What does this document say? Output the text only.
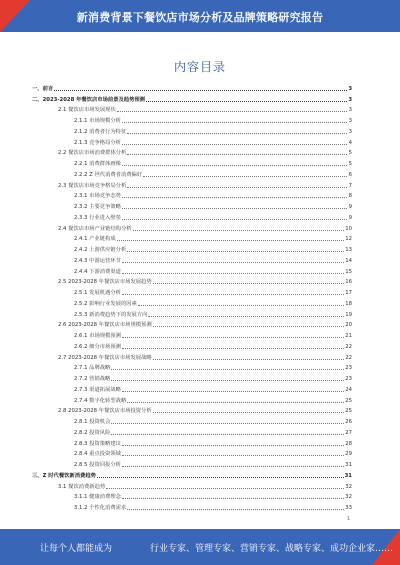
新消费背景下餐饮店市场分析及品牌策略研究报告
内容目录
一、前言	3
二、2023-2028 年餐饮店市场前景及趋势预测	3
2.1 餐饮店市场发展现状	3
2.1.1 市场规模分析	3
2.1.2 消费者行为特征	3
2.1.3 竞争格局分析	4
2.2 餐饮店市场消费群体分析	5
2.2.1 消费群体画像	5
2.2.2 Z 世代消费者消费偏好	6
2.3 餐饮店市场竞争格局分析	7
2.3.1 市场竞争态势	8
2.3.2 主要竞争策略	9
2.3.3 行业进入壁垒	9
2.4 餐饮店市场产业链结构分析	10
2.4.1 产业链构成	12
2.4.2 上游供应链分析	13
2.4.3 中游运营环节	14
2.4.4 下游消费渠道	15
2.5 2023-2028 年餐饮店市场发展趋势	16
2.5.1 发展机遇分析	17
2.5.2 影响行业发展的因素	18
2.5.3 新消费趋势下的发展方向	19
2.6 2023-2028 年餐饮店市场规模预测	20
2.6.1 市场规模预测	21
2.6.2 细分市场预测	22
2.7 2023-2028 年餐饮店市场发展战略	22
2.7.1 品牌战略	23
2.7.2 营销战略	23
2.7.3 渠道拓展战略	24
2.7.4 数字化转型战略	25
2.8 2023-2028 年餐饮店市场投资分析	25
2.8.1 投资机会	26
2.8.2 投资风险	27
2.8.3 投资策略建议	28
2.8.4 重点投资领域	29
2.8.5 投资回报分析	31
三、Z 时代餐饮新消费趋势	31
3.1 餐饮消费新趋势	32
3.1.1 健康消费理念	32
3.1.2 个性化消费需求	33
1
让每个人都能成为	行业专家、管理专家、营销专家、战略专家、成功企业家……
